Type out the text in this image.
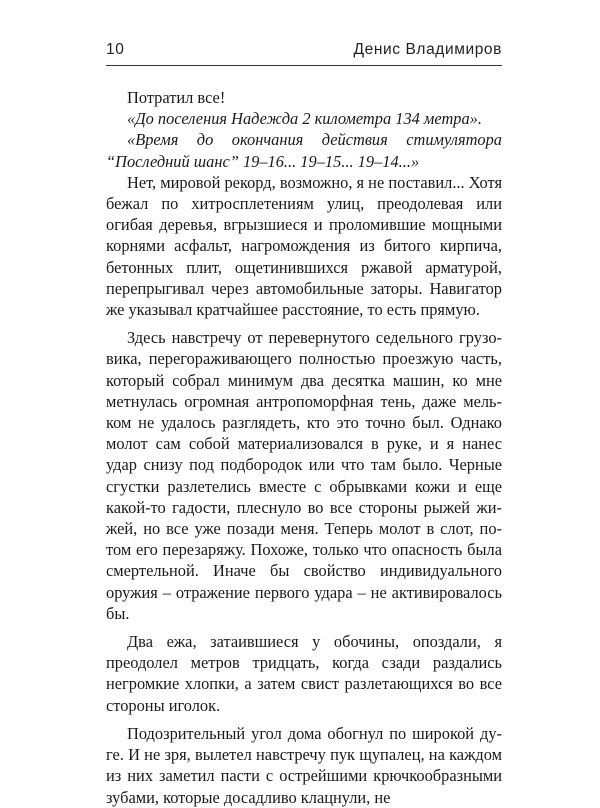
10	Денис Владимиров

Потратил все!

«До поселения Надежда 2 километра 134 метра».

«Время до окончания действия стимулятора “Последний шанс” 19–16... 19–15... 19–14...»

Нет, мировой рекорд, возможно, я не поставил... Хотя бежал по хитросплетениям улиц, преодолевая или огибая деревья, вгрызшиеся и проломившие мощными корнями асфальт, нагромождения из битого кирпича, бетонных плит, ощетинившихся ржавой арматурой, перепрыгивал через автомобильные заторы. Навигатор же указывал кратчайшее расстояние, то есть прямую.

Здесь навстречу от перевернутого седельного грузовика, перегораживающего полностью проезжую часть, который собрал минимум два десятка машин, ко мне метнулась огромная антропоморфная тень, даже мельком не удалось разглядеть, кто это точно был. Однако молот сам собой материализовался в руке, и я нанес удар снизу под подбородок или что там было. Черные сгустки разлетелись вместе с обрывками кожи и еще какой-то гадости, плеснуло во все стороны рыжей жижей, но все уже позади меня. Теперь молот в слот, потом его перезаряжу. Похоже, только что опасность была смертельной. Иначе бы свойство индивидуального оружия – отражение первого удара – не активировалось бы.

Два ежа, затаившиеся у обочины, опоздали, я преодолел метров тридцать, когда сзади раздались негромкие хлопки, а затем свист разлетающихся во все стороны иголок.

Подозрительный угол дома обогнул по широкой дуге. И не зря, вылетел навстречу пук щупалец, на каждом из них заметил пасти с острейшими крючкообразными зубами, которые досадливо клацнули, не
